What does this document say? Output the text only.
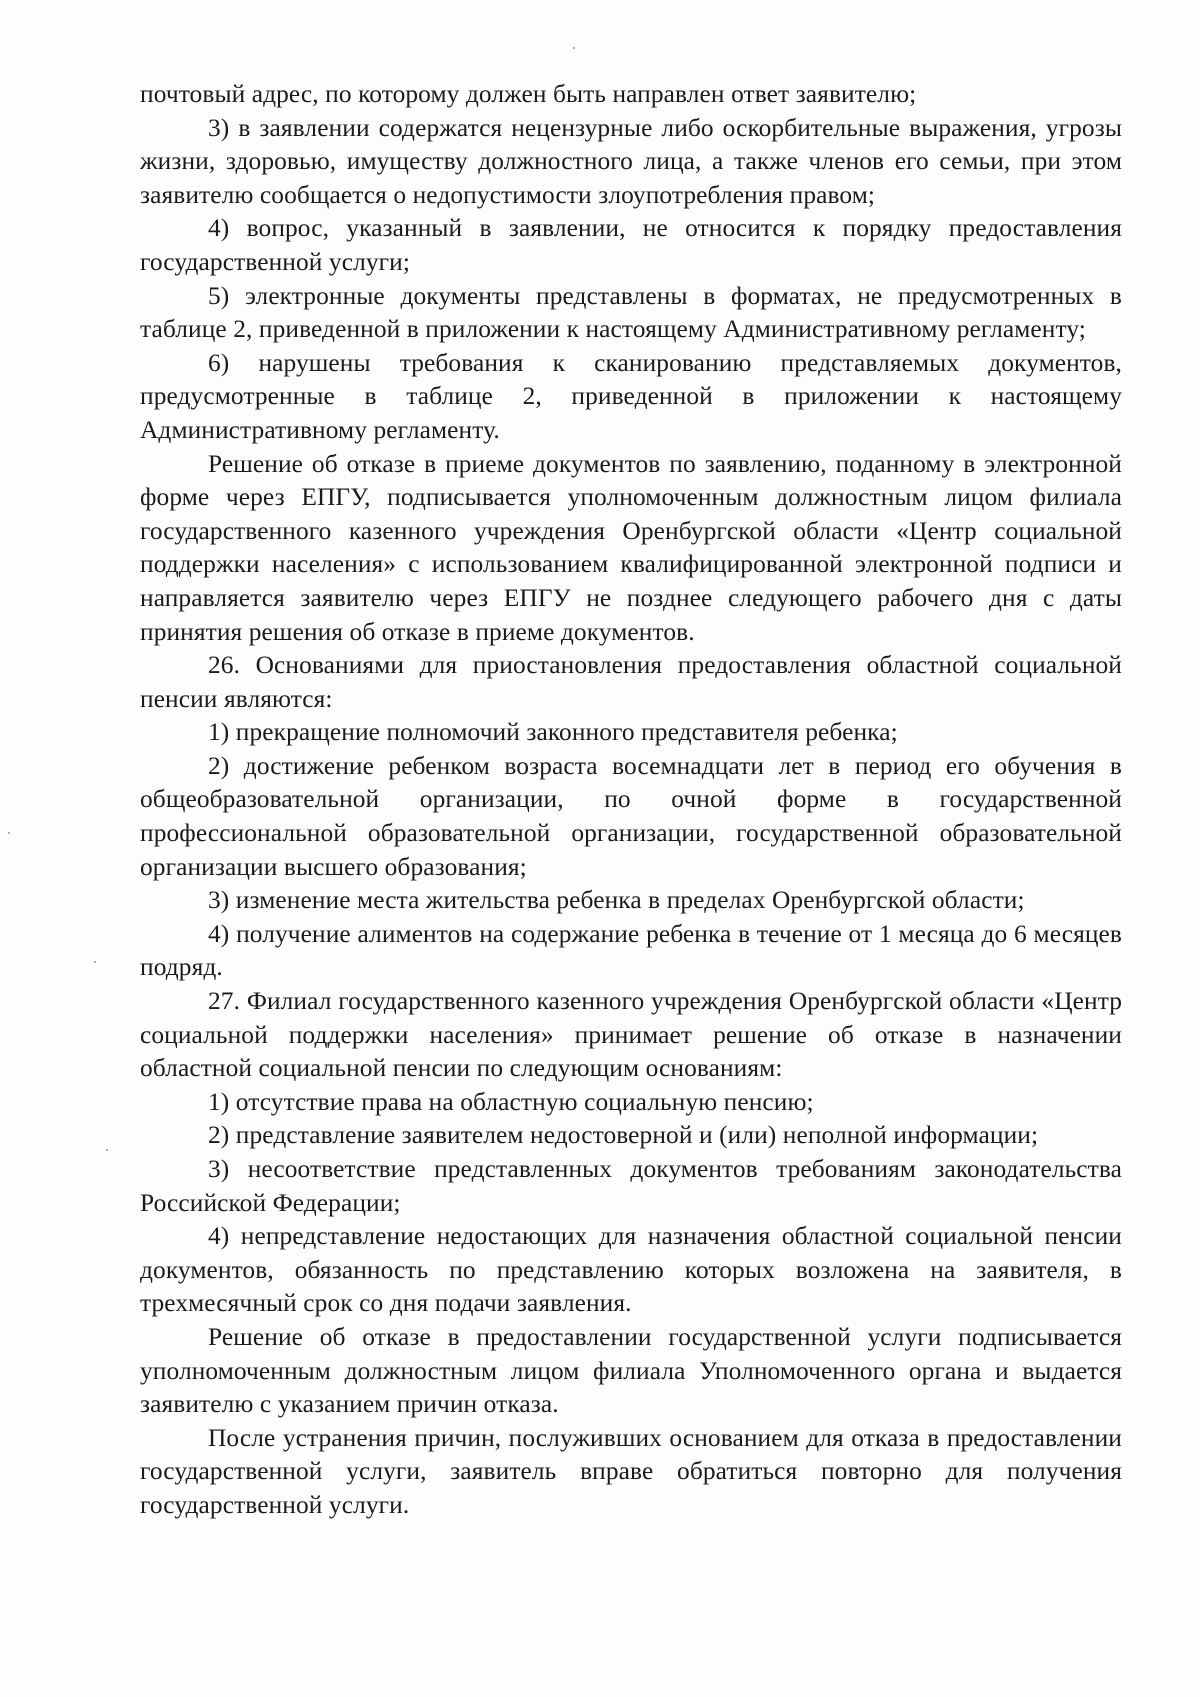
почтовый адрес, по которому должен быть направлен ответ заявителю;

3) в заявлении содержатся нецензурные либо оскорбительные выражения, угрозы жизни, здоровью, имуществу должностного лица, а также членов его семьи, при этом заявителю сообщается о недопустимости злоупотребления правом;

4) вопрос, указанный в заявлении, не относится к порядку предоставления государственной услуги;

5) электронные документы представлены в форматах, не предусмотренных в таблице 2, приведенной в приложении к настоящему Административному регламенту;

6) нарушены требования к сканированию представляемых документов, предусмотренные в таблице 2, приведенной в приложении к настоящему Административному регламенту.

Решение об отказе в приеме документов по заявлению, поданному в электронной форме через ЕПГУ, подписывается уполномоченным должностным лицом филиала государственного казенного учреждения Оренбургской области «Центр социальной поддержки населения» с использованием квалифицированной электронной подписи и направляется заявителю через ЕПГУ не позднее следующего рабочего дня с даты принятия решения об отказе в приеме документов.

26. Основаниями для приостановления предоставления областной социальной пенсии являются:

1) прекращение полномочий законного представителя ребенка;

2) достижение ребенком возраста восемнадцати лет в период его обучения в общеобразовательной организации, по очной форме в государственной профессиональной образовательной организации, государственной образовательной организации высшего образования;

3) изменение места жительства ребенка в пределах Оренбургской области;

4) получение алиментов на содержание ребенка в течение от 1 месяца до 6 месяцев подряд.

27. Филиал государственного казенного учреждения Оренбургской области «Центр социальной поддержки населения» принимает решение об отказе в назначении областной социальной пенсии по следующим основаниям:

1) отсутствие права на областную социальную пенсию;

2) представление заявителем недостоверной и (или) неполной информации;

3) несоответствие представленных документов требованиям законодательства Российской Федерации;

4) непредставление недостающих для назначения областной социальной пенсии документов, обязанность по представлению которых возложена на заявителя, в трехмесячный срок со дня подачи заявления.

Решение об отказе в предоставлении государственной услуги подписывается уполномоченным должностным лицом филиала Уполномоченного органа и выдается заявителю с указанием причин отказа.

После устранения причин, послуживших основанием для отказа в предоставлении государственной услуги, заявитель вправе обратиться повторно для получения государственной услуги.
